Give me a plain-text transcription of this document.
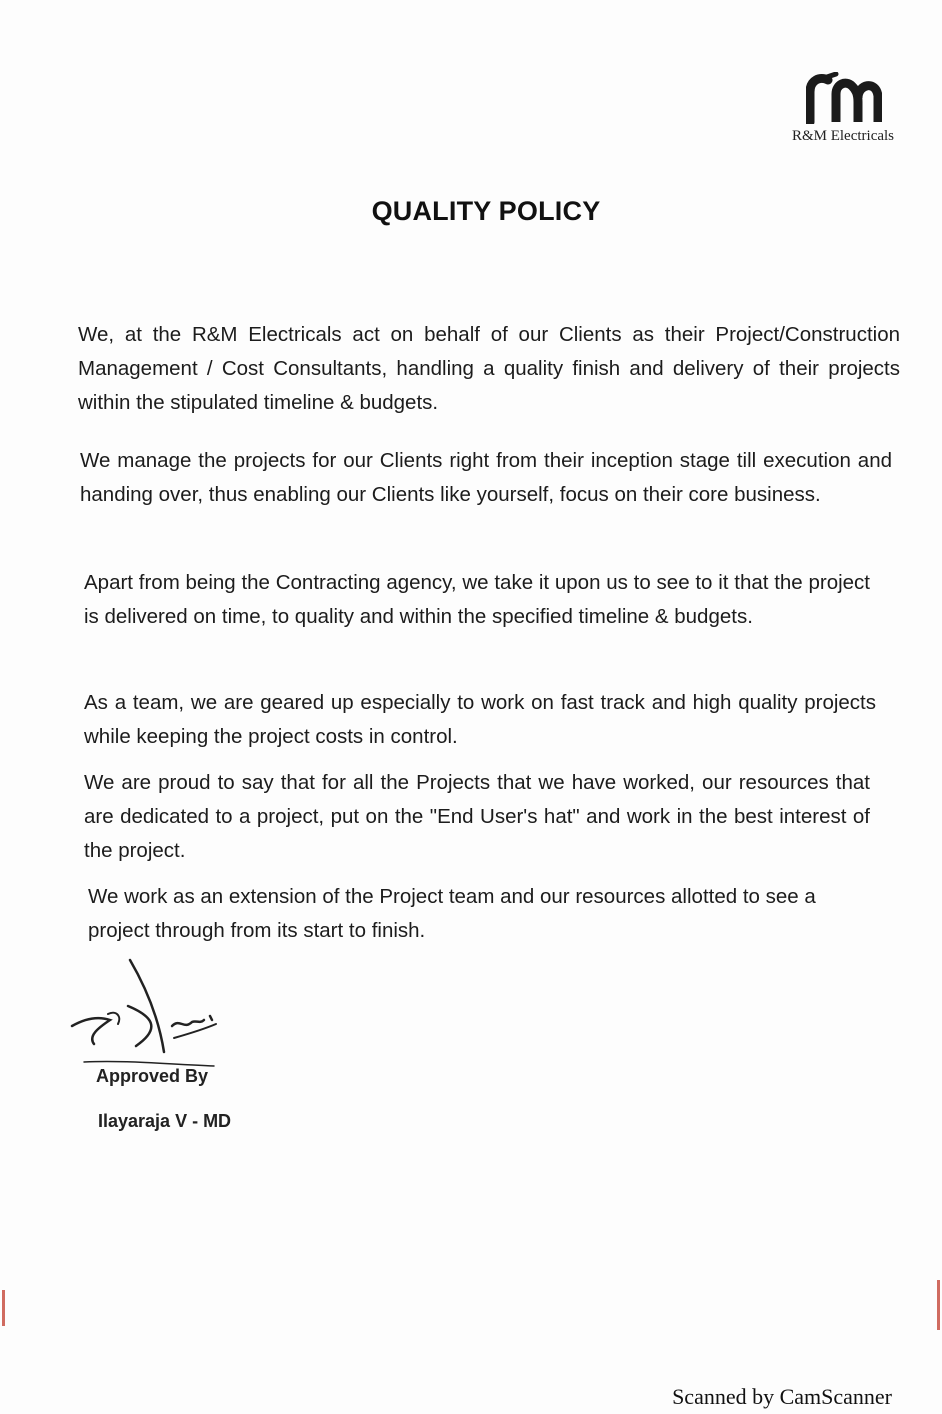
R&M Electricals
QUALITY POLICY
We, at the R&M Electricals act on behalf of our Clients as their Project/Construction Management / Cost Consultants, handling a quality finish and delivery of their projects within the stipulated timeline & budgets.
We manage the projects for our Clients right from their inception stage till execution and handing over, thus enabling our Clients like yourself, focus on their core business.
Apart from being the Contracting agency, we take it upon us to see to it that the project is delivered on time, to quality and within the specified timeline & budgets.
As a team, we are geared up especially to work on fast track and high quality projects while keeping the project costs in control.
We are proud to say that for all the Projects that we have worked, our resources that are dedicated to a project, put on the "End User's hat" and work in the best interest of the project.
We work as an extension of the Project team and our resources allotted to see a project through from its start to finish.
Approved By
Ilayaraja V - MD
Scanned by CamScanner
